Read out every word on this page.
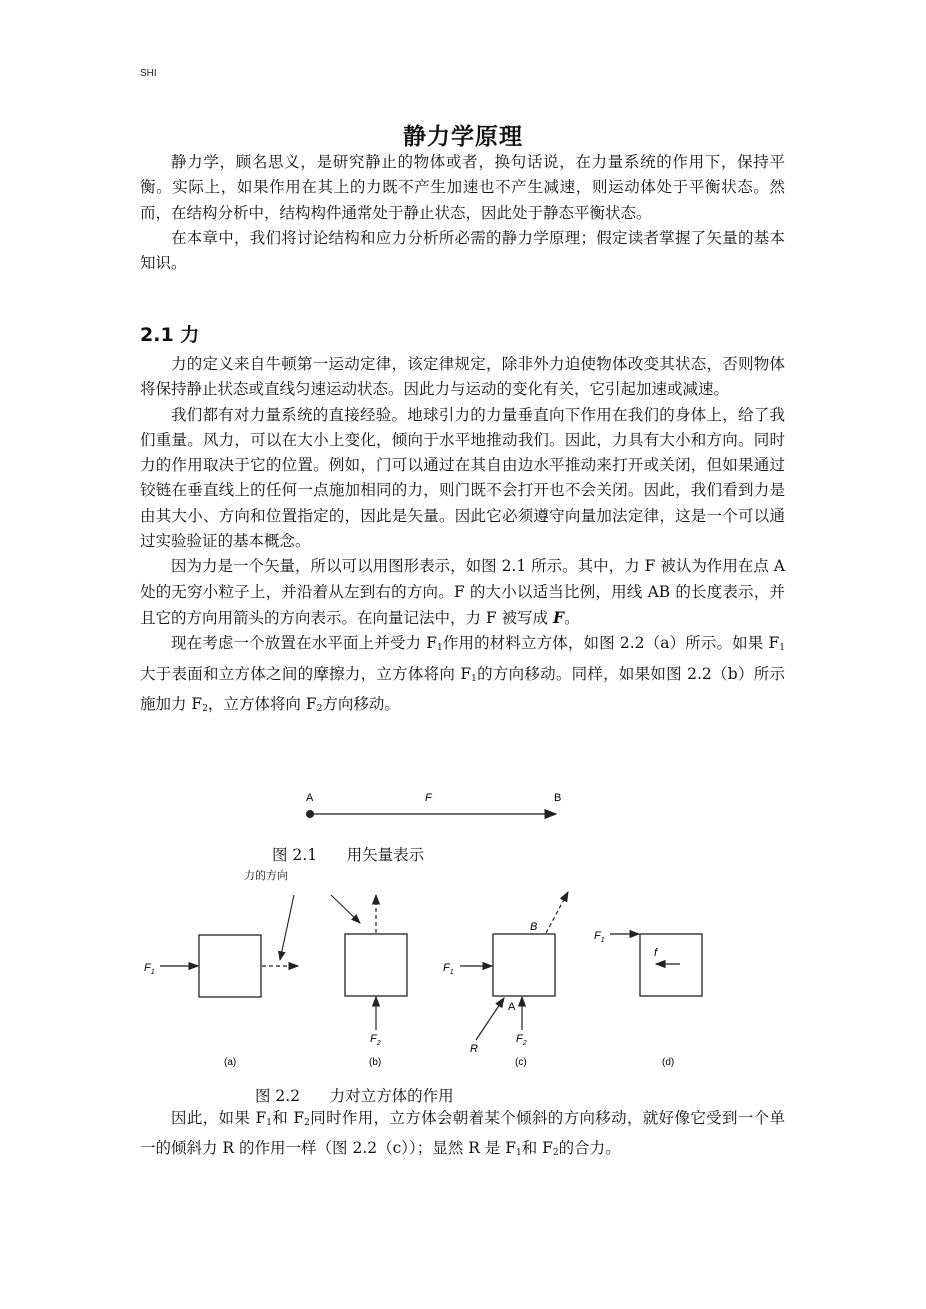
SHI
静力学原理

静力学，顾名思义，是研究静止的物体或者，换句话说，在力量系统的作用下，保持平衡。实际上，如果作用在其上的力既不产生加速也不产生减速，则运动体处于平衡状态。然而，在结构分析中，结构构件通常处于静止状态，因此处于静态平衡状态。

在本章中，我们将讨论结构和应力分析所必需的静力学原理；假定读者掌握了矢量的基本知识。

2.1 力

力的定义来自牛顿第一运动定律，该定律规定，除非外力迫使物体改变其状态，否则物体将保持静止状态或直线匀速运动状态。因此力与运动的变化有关，它引起加速或减速。

我们都有对力量系统的直接经验。地球引力的力量垂直向下作用在我们的身体上，给了我们重量。风力，可以在大小上变化，倾向于水平地推动我们。因此，力具有大小和方向。同时力的作用取决于它的位置。例如，门可以通过在其自由边水平推动来打开或关闭，但如果通过铰链在垂直线上的任何一点施加相同的力，则门既不会打开也不会关闭。因此，我们看到力是由其大小、方向和位置指定的，因此是矢量。因此它必须遵守向量加法定律，这是一个可以通过实验验证的基本概念。

因为力是一个矢量，所以可以用图形表示，如图 2.1 所示。其中，力 F 被认为作用在点 A 处的无穷小粒子上，并沿着从左到右的方向。F 的大小以适当比例，用线 AB 的长度表示，并且它的方向用箭头的方向表示。在向量记法中，力 F 被写成 F。

现在考虑一个放置在水平面上并受力 $F_1$作用的材料立方体，如图 2.2（a）所示。如果 $F_1$大于表面和立方体之间的摩擦力，立方体将向 $F_1$的方向移动。同样，如果如图 2.2（b）所示施加力 $F_2$，立方体将向 $F_2$方向移动。

A	F	B
图 2.1      用矢量表示
力的方向
$F_1$
(a)
$F_2$
(b)
$F_1$
$F_2$
R
A
B
(c)
$F_1$
f
(d)
图 2.2      力对立方体的作用

因此，如果 $F_1$和 $F_2$同时作用，立方体会朝着某个倾斜的方向移动，就好像它受到一个单一的倾斜力 R 的作用一样（图 2.2（c））；显然 R 是 $F_1$和 $F_2$的合力。
